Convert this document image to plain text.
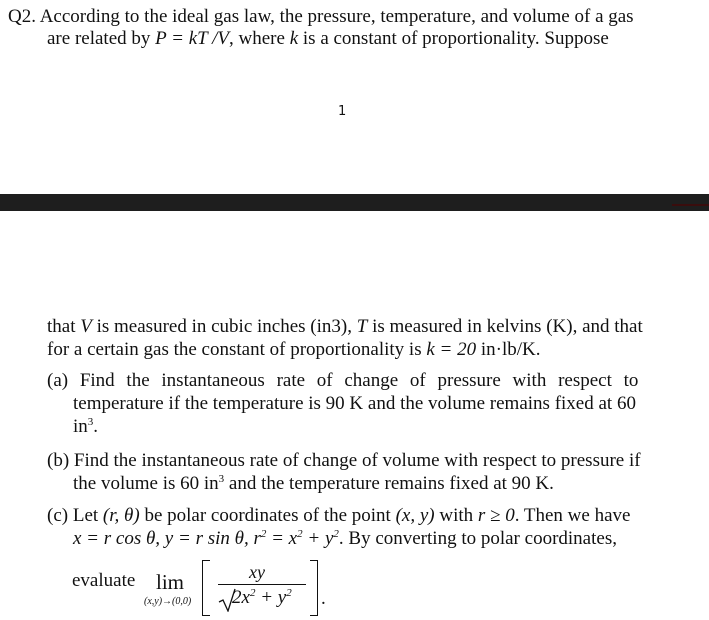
Q2. According to the ideal gas law, the pressure, temperature, and volume of a gas
are related by P = kT /V, where k is a constant of proportionality. Suppose
1
that V is measured in cubic inches (in3), T is measured in kelvins (K), and that
for a certain gas the constant of proportionality is k = 20 in·lb/K.
(a) Find the instantaneous rate of change of pressure with respect to
temperature if the temperature is 90 K and the volume remains fixed at 60
$in^3$.
(b) Find the instantaneous rate of change of volume with respect to pressure if
the volume is 60 $in^3$ and the temperature remains fixed at 90 K.
(c) Let (r, θ) be polar coordinates of the point (x, y) with r ≥ 0. Then we have
x = r cos θ, y = r sin θ, $r^2 = x^2 + y^2$. By converting to polar coordinates,
evaluate lim
(x,y)→(0,0)
xy
$2x^2 + y^2$ .
